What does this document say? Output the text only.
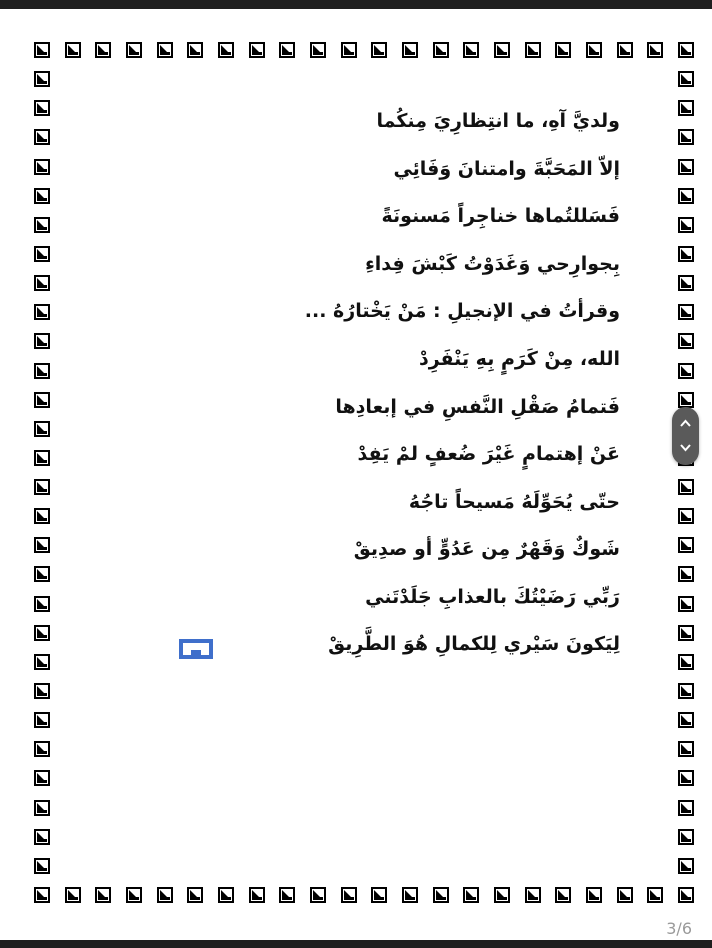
ولديَّ آهِ، ما انتِظارِيَ مِنكُما
إلاّ المَحَبَّةَ وامتنانَ وَفَائِي
فَسَللتُماها خناجِراً مَسنونَةً
بِجوارِحي وَغَدَوْتُ كَبْشَ فِداءِ
وقرأتُ في الإنجيلِ : مَنْ يَخْتارُهُ ...
الله، مِنْ كَرَمٍ بِهِ يَنْفَرِدْ
فَتمامُ صَقْلِ النَّفسِ في إبعادِها
عَنْ إهتمامٍ غَيْرَ ضُعفٍ لمْ يَفِدْ
حتّى يُحَوِّلَهُ مَسيحاً تاجُهُ
شَوكٌ وَقَهْرٌ مِن عَدُوٍّ أو صدِيقْ
رَبِّي رَضَيْتُكَ بالعذابِ جَلَدْتَني
لِيَكونَ سَيْري لِلكمالِ هُوَ الطَّرِيقْ
3/6
